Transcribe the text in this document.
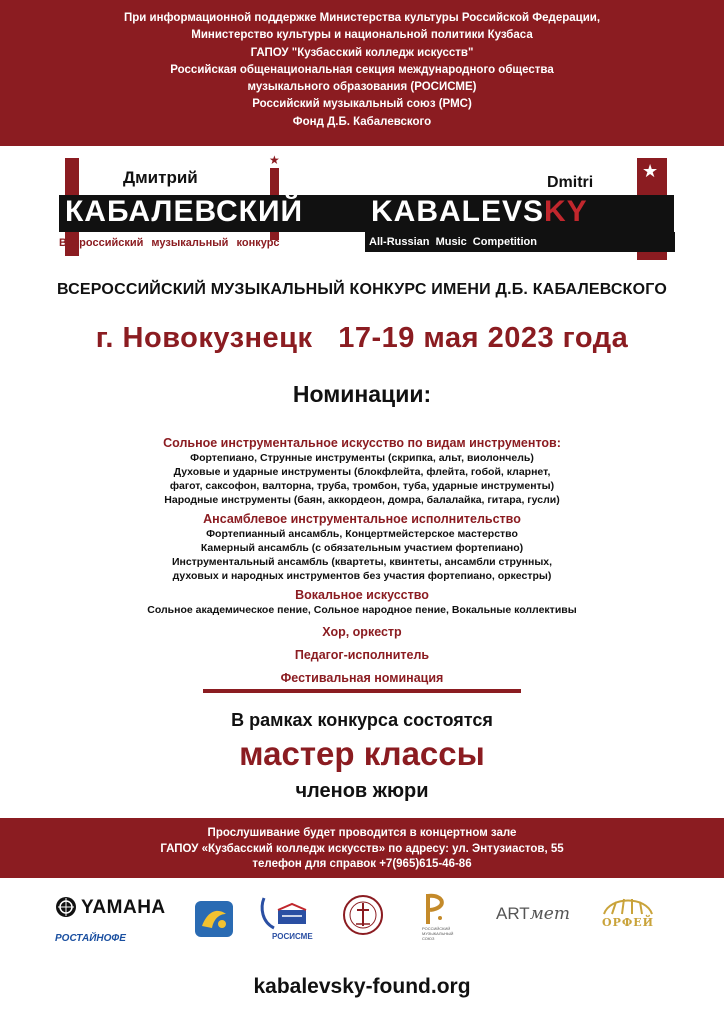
При информационной поддержке Министерства культуры Российской Федерации,
Министерство культуры и национальной политики Кузбаса
ГАПОУ "Кузбасский колледж искусств"
Российская общенациональная секция международного общества
музыкального образования (РОСИСМЕ)
Российский музыкальный союз (РМС)
Фонд Д.Б. Кабалевского
★
★
Дмитрий	Dmitri
КАБАЛЕВСКИЙ KABALEVSKY
Всероссийский музыкальный конкурс	All-Russian Music Competition
ВСЕРОССИЙСКИЙ МУЗЫКАЛЬНЫЙ КОНКУРС ИМЕНИ Д.Б. КАБАЛЕВСКОГО
г. Новокузнецк   17-19 мая 2023 года
Номинации:
Сольное инструментальное искусство по видам инструментов:
Фортепиано, Струнные инструменты (скрипка, альт, виолончель)
Духовые и ударные инструменты (блокфлейта, флейта, гобой, кларнет,
фагот, саксофон, валторна, труба, тромбон, туба, ударные инструменты)
Народные инструменты (баян, аккордеон, домра, балалайка, гитара, гусли)
Ансамблевое инструментальное исполнительство
Фортепианный ансамбль, Концертмейстерское мастерство
Камерный ансамбль (с обязательным участием фортепиано)
Инструментальный ансамбль (квартеты, квинтеты, ансамбли струнных,
духовых и народных инструментов без участия фортепиано, оркестры)
Вокальное искусство
Сольное академическое пение, Сольное народное пение, Вокальные коллективы
Хор, оркестр
Педагог-исполнитель
Фестивальная номинация
В рамках конкурса состоятся
мастер классы
членов жюри
Прослушивание будет проводится в концертном зале
ГАПОУ «Кузбасский колледж искусств» по адресу: ул. Энтузиастов, 55
телефон для справок +7(965)615-46-86
YAMAHA
РОСТАЙНОФЕ	РОСИСМЕ
РОССИЙСКИЙ МУЗЫКАЛЬНЫЙ СОЮЗ
ARTмет	ОРФЕЙ
kabalevsky-found.org
